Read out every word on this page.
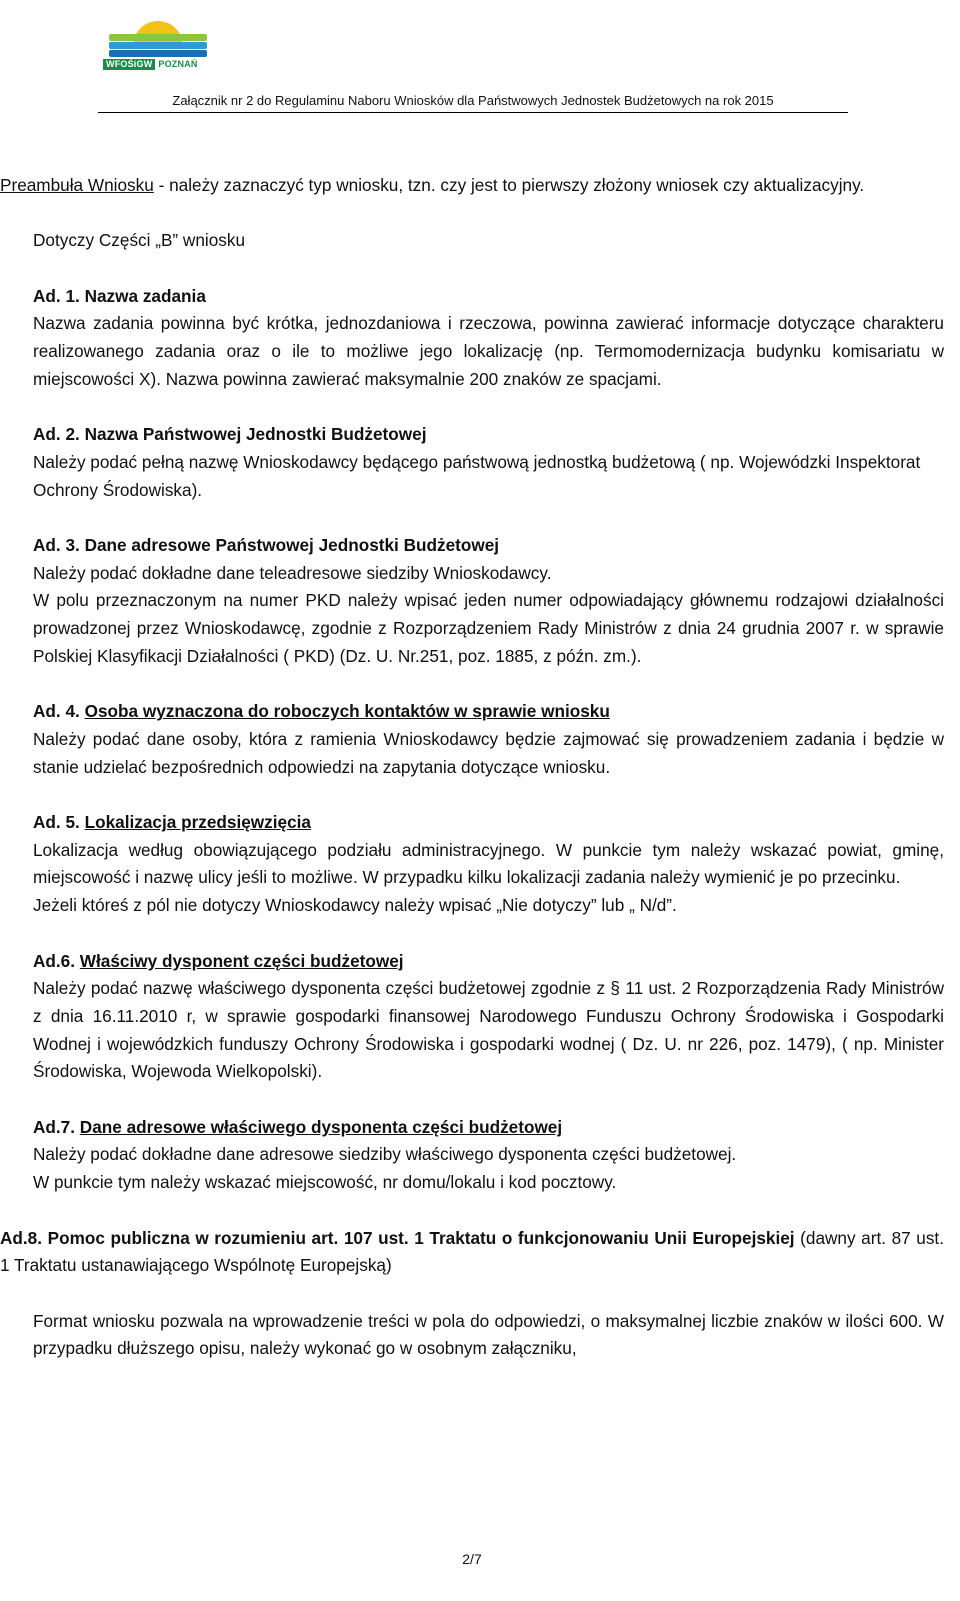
WFOŚiGW POZNAŃ
Załącznik nr 2 do Regulaminu Naboru Wniosków dla Państwowych Jednostek Budżetowych na rok 2015

Preambuła Wniosku - należy zaznaczyć typ wniosku, tzn. czy jest to pierwszy złożony wniosek czy aktualizacyjny.

Dotyczy Części „B” wniosku

Ad. 1. Nazwa zadania

Nazwa zadania powinna być krótka, jednozdaniowa i rzeczowa, powinna zawierać informacje dotyczące charakteru realizowanego zadania oraz o ile to możliwe jego lokalizację (np. Termomodernizacja budynku komisariatu w miejscowości X). Nazwa powinna zawierać maksymalnie 200 znaków ze spacjami.

Ad. 2. Nazwa Państwowej Jednostki Budżetowej

Należy podać pełną nazwę Wnioskodawcy będącego państwową jednostką budżetową ( np. Wojewódzki Inspektorat Ochrony Środowiska).

Ad. 3. Dane adresowe Państwowej Jednostki Budżetowej

Należy podać dokładne dane teleadresowe siedziby Wnioskodawcy.

W polu przeznaczonym na numer PKD należy wpisać jeden numer odpowiadający głównemu rodzajowi działalności prowadzonej przez Wnioskodawcę, zgodnie z Rozporządzeniem Rady Ministrów z dnia 24 grudnia 2007 r. w sprawie Polskiej Klasyfikacji Działalności ( PKD) (Dz. U. Nr.251, poz. 1885, z późn. zm.).

Ad. 4. Osoba wyznaczona do roboczych kontaktów w sprawie wniosku

Należy podać dane osoby, która z ramienia Wnioskodawcy będzie zajmować się prowadzeniem zadania i będzie w stanie udzielać bezpośrednich odpowiedzi na zapytania dotyczące wniosku.

Ad. 5. Lokalizacja przedsięwzięcia

Lokalizacja według obowiązującego podziału administracyjnego. W punkcie tym należy wskazać powiat, gminę, miejscowość i nazwę ulicy jeśli to możliwe. W przypadku kilku lokalizacji zadania należy wymienić je po przecinku.

Jeżeli któreś z pól nie dotyczy Wnioskodawcy należy wpisać „Nie dotyczy” lub „ N/d”.

Ad.6. Właściwy dysponent części budżetowej

Należy podać nazwę właściwego dysponenta części budżetowej zgodnie z § 11 ust. 2 Rozporządzenia Rady Ministrów z dnia 16.11.2010 r, w sprawie gospodarki finansowej Narodowego Funduszu Ochrony Środowiska i Gospodarki Wodnej i wojewódzkich funduszy Ochrony Środowiska i gospodarki wodnej ( Dz. U. nr 226, poz. 1479), ( np. Minister Środowiska, Wojewoda Wielkopolski).

Ad.7. Dane adresowe właściwego dysponenta części budżetowej

Należy podać dokładne dane adresowe siedziby właściwego dysponenta części budżetowej.

W punkcie tym należy wskazać miejscowość, nr domu/lokalu i kod pocztowy.

Ad.8. Pomoc publiczna w rozumieniu art. 107 ust. 1 Traktatu o funkcjonowaniu Unii Europejskiej (dawny art. 87 ust. 1 Traktatu ustanawiającego Wspólnotę Europejską)

Format wniosku pozwala na wprowadzenie treści w pola do odpowiedzi, o maksymalnej liczbie znaków w ilości 600. W przypadku dłuższego opisu, należy wykonać go w osobnym załączniku,

2/7
